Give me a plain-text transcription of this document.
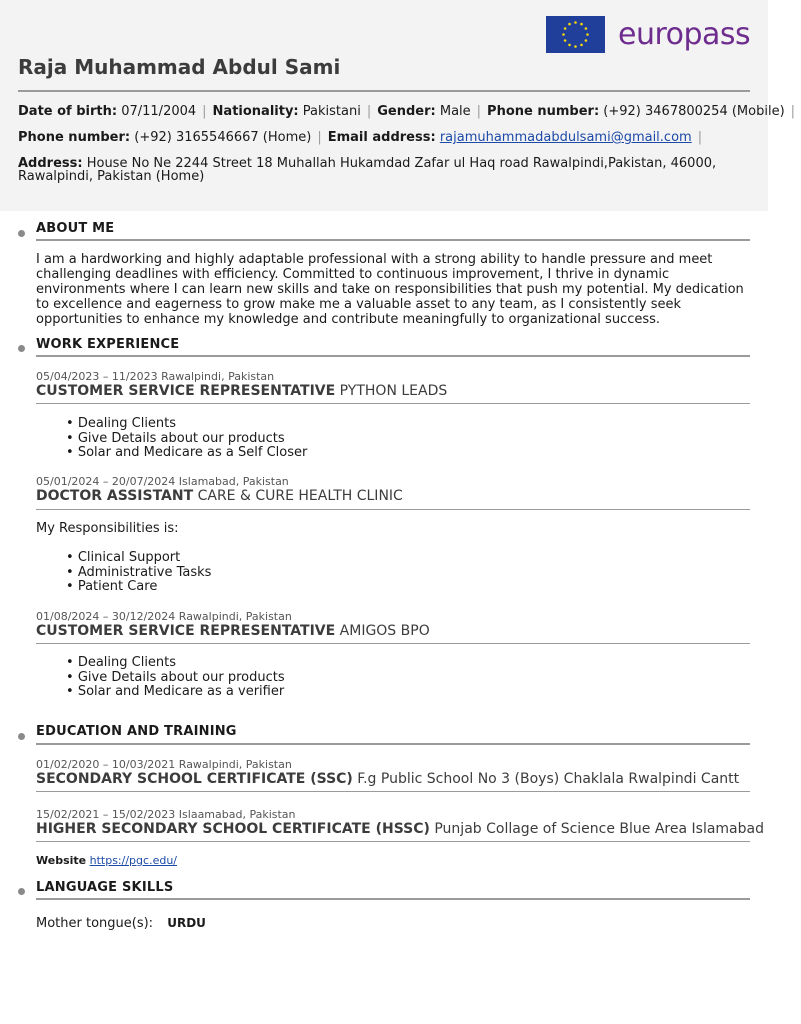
europass
Raja Muhammad Abdul Sami
Date of birth: 07/11/2004 | Nationality: Pakistani | Gender: Male | Phone number: (+92) 3467800254 (Mobile) |
Phone number: (+92) 3165546667 (Home) | Email address: rajamuhammadabdulsami@gmail.com |
Address: House No Ne 2244 Street 18 Muhallah Hukamdad Zafar ul Haq road Rawalpindi,Pakistan, 46000, Rawalpindi, Pakistan (Home)
ABOUT ME
I am a hardworking and highly adaptable professional with a strong ability to handle pressure and meet challenging deadlines with efficiency. Committed to continuous improvement, I thrive in dynamic environments where I can learn new skills and take on responsibilities that push my potential. My dedication to excellence and eagerness to grow make me a valuable asset to any team, as I consistently seek opportunities to enhance my knowledge and contribute meaningfully to organizational success.
WORK EXPERIENCE
05/04/2023 – 11/2023 Rawalpindi, Pakistan
CUSTOMER SERVICE REPRESENTATIVE PYTHON LEADS
• Dealing Clients
• Give Details about our products
• Solar and Medicare as a Self Closer
05/01/2024 – 20/07/2024 Islamabad, Pakistan
DOCTOR ASSISTANT CARE & CURE HEALTH CLINIC
My Responsibilities is:
• Clinical Support
• Administrative Tasks
• Patient Care
01/08/2024 – 30/12/2024 Rawalpindi, Pakistan
CUSTOMER SERVICE REPRESENTATIVE AMIGOS BPO
• Dealing Clients
• Give Details about our products
• Solar and Medicare as a verifier
EDUCATION AND TRAINING
01/02/2020 – 10/03/2021 Rawalpindi, Pakistan
SECONDARY SCHOOL CERTIFICATE (SSC) F.g Public School No 3 (Boys) Chaklala Rwalpindi Cantt
15/02/2021 – 15/02/2023 Islaamabad, Pakistan
HIGHER SECONDARY SCHOOL CERTIFICATE (HSSC) Punjab Collage of Science Blue Area Islamabad
Website https://pgc.edu/
LANGUAGE SKILLS
Mother tongue(s): URDU
